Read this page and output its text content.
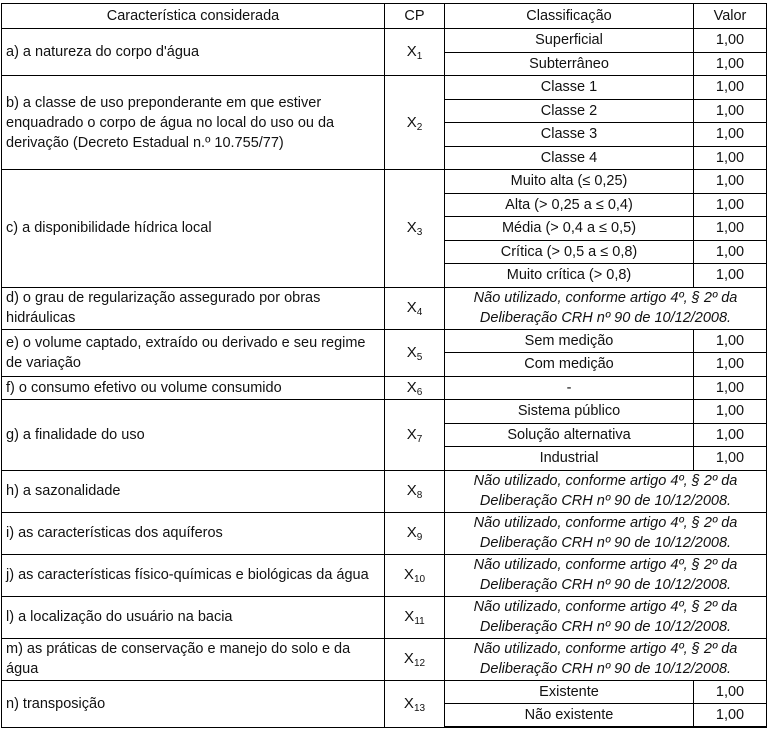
Característica considerada	CP	Classificação	Valor
a) a natureza do corpo d'água	$X_1$	Superficial	1,00
		Subterrâneo	1,00
b) a classe de uso preponderante em que estiver enquadrado o corpo de água no local do uso ou da derivação (Decreto Estadual n.º 10.755/77)	$X_2$	Classe 1	1,00
		Classe 2	1,00
		Classe 3	1,00
		Classe 4	1,00
c) a disponibilidade hídrica local	$X_3$	Muito alta (≤ 0,25)	1,00
		Alta (> 0,25 a ≤ 0,4)	1,00
		Média (> 0,4 a ≤ 0,5)	1,00
		Crítica (> 0,5 a ≤ 0,8)	1,00
		Muito crítica (> 0,8)	1,00
d) o grau de regularização assegurado por obras hidráulicas	$X_4$	Não utilizado, conforme artigo 4º, § 2º da Deliberação CRH nº 90 de 10/12/2008.	
e) o volume captado, extraído ou derivado e seu regime de variação	$X_5$	Sem medição	1,00
		Com medição	1,00
f) o consumo efetivo ou volume consumido	$X_6$	-	1,00
g) a finalidade do uso	$X_7$	Sistema público	1,00
		Solução alternativa	1,00
		Industrial	1,00
h) a sazonalidade	$X_8$	Não utilizado, conforme artigo 4º, § 2º da Deliberação CRH nº 90 de 10/12/2008.	
i) as características dos aquíferos	$X_9$	Não utilizado, conforme artigo 4º, § 2º da Deliberação CRH nº 90 de 10/12/2008.	
j) as características físico-químicas e biológicas da água	$X_{10}$	Não utilizado, conforme artigo 4º, § 2º da Deliberação CRH nº 90 de 10/12/2008.	
l) a localização do usuário na bacia	$X_{11}$	Não utilizado, conforme artigo 4º, § 2º da Deliberação CRH nº 90 de 10/12/2008.	
m) as práticas de conservação e manejo do solo e da água	$X_{12}$	Não utilizado, conforme artigo 4º, § 2º da Deliberação CRH nº 90 de 10/12/2008.	
n) transposição	$X_{13}$	Existente	1,00
		Não existente	1,00
